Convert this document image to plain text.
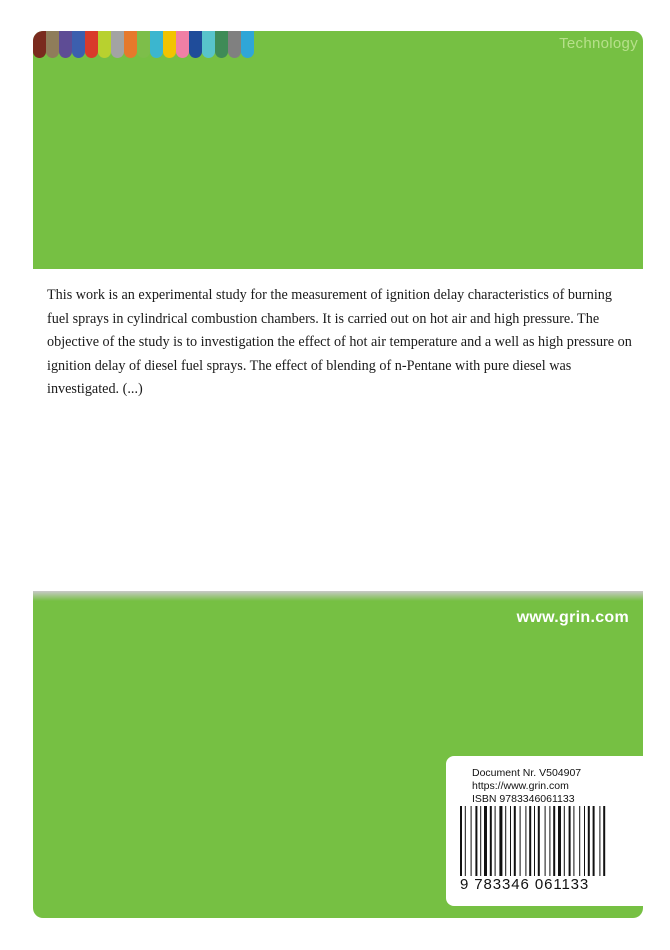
Technology

This work is an experimental study for the measurement of ignition delay characteristics of burning fuel sprays in cylindrical combustion chambers. It is carried out on hot air and high pressure. The objective of the study is to investigation the effect of hot air temperature and a well as high pressure on ignition delay of diesel fuel sprays. The effect of blending of n-Pentane with pure diesel was investigated. (...)

www.grin.com
Document Nr. V504907
https://www.grin.com
ISBN 9783346061133
9 783346 061133
